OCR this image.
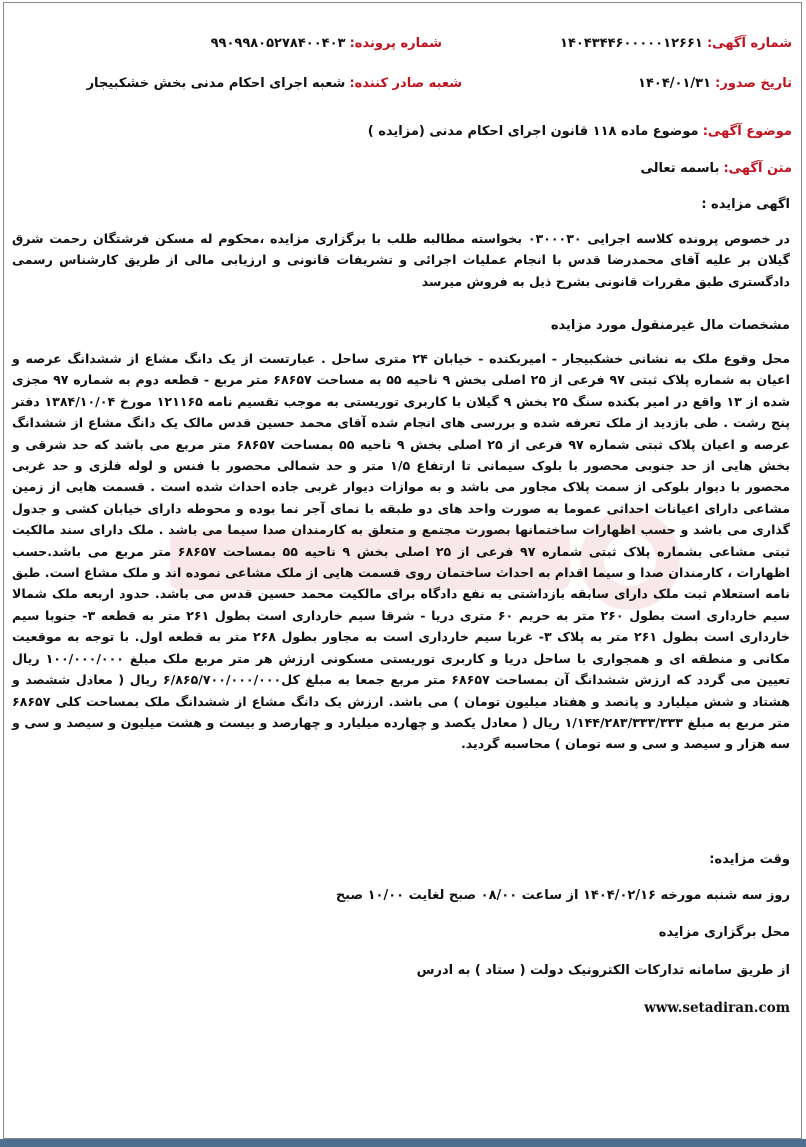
شماره آگهی: ۱۴۰۴۳۴۴۶۰۰۰۰۰۱۲۶۶۱
شماره پرونده: ۹۹۰۹۹۸۰۵۲۷۸۴۰۰۴۰۳
تاریخ صدور: ۱۴۰۴/۰۱/۳۱
شعبه صادر کننده: شعبه اجرای احکام مدنی بخش خشکبیجار
موضوع آگهی: موضوع ماده ۱۱۸ قانون اجرای احکام مدنی (مزایده )
متن آگهی: باسمه تعالی
اگهی مزایده :
در خصوص پرونده کلاسه اجرایی ۰۳۰۰۰۳۰ بخواسته مطالبه طلب با برگزاری مزایده ،محکوم له مسکن فرشتگان رحمت شرق گیلان بر علیه آقای محمدرضا قدس با انجام عملیات اجرائی و تشریفات قانونی و ارزیابی مالی از طریق کارشناس رسمی دادگستری طبق مقررات قانونی بشرح ذیل به فروش میرسد
مشخصات مال غیرمنقول مورد مزایده
محل وقوع ملک به نشانی خشکبیجار - امیربکنده - خیابان ۲۴ متری ساحل . عبارتست از یک دانگ مشاع از ششدانگ عرصه و اعیان به شماره پلاک ثبتی ۹۷ فرعی از ۲۵ اصلی بخش ۹ ناحیه ۵۵ به مساحت ۶۸۶۵۷ متر مربع - قطعه دوم به شماره ۹۷ مجزی شده از ۱۳ واقع در امیر بکنده سنگ ۲۵ بخش ۹ گیلان با کاربری توریستی به موجب تقسیم نامه ۱۲۱۱۶۵ مورخ ۱۳۸۴/۱۰/۰۴ دفتر پنج رشت . طی بازدید از ملک تعرفه شده و بررسی های انجام شده آقای محمد حسین قدس مالک یک دانگ مشاع از ششدانگ عرصه و اعیان پلاک ثبتی شماره ۹۷ فرعی از ۲۵ اصلی بخش ۹ ناحیه ۵۵ بمساحت ۶۸۶۵۷ متر مربع می باشد که حد شرقی و بخش هایی از حد جنوبی محصور با بلوک سیمانی تا ارتفاع ۱/۵ متر و حد شمالی محصور با فنس و لوله فلزی و حد غربی محصور با دیوار بلوکی از سمت پلاک مجاور می باشد و به موازات دیوار غربی جاده احداث شده است . قسمت هایی از زمین مشاعی دارای اعیانات احداثی عموما به صورت واحد های دو طبقه با نمای آجر نما بوده و محوطه دارای خیابان کشی و جدول گذاری می باشد و حسب اظهارات ساختمانها بصورت مجتمع و متعلق به کارمندان صدا سیما می باشد . ملک دارای سند مالکیت ثبتی مشاعی بشماره پلاک ثبتی شماره ۹۷ فرعی از ۲۵ اصلی بخش ۹ ناحیه ۵۵ بمساحت ۶۸۶۵۷ متر مربع می باشد.حسب اظهارات ، کارمندان صدا و سیما اقدام به احداث ساختمان روی قسمت هایی از ملک مشاعی نموده اند و ملک مشاع است. طبق نامه استعلام ثبت ملک دارای سابقه بازداشتی به نفع دادگاه برای مالکیت محمد حسین قدس می باشد. حدود اربعه ملک شمالا سیم خارداری است بطول ۲۶۰ متر به حریم ۶۰ متری دریا - شرقا سیم خارداری است بطول ۲۶۱ متر به قطعه ۳- جنوبا سیم خارداری است بطول ۲۶۱ متر به پلاک ۳- غربا سیم خارداری است به مجاور بطول ۲۶۸ متر به قطعه اول. با توجه به موقعیت مکانی و منطقه ای و همجواری با ساحل دریا و کاربری توریستی مسکونی ارزش هر متر مربع ملک مبلغ ۱۰۰/۰۰۰/۰۰۰ ریال تعیین می گردد که ارزش ششدانگ آن بمساحت ۶۸۶۵۷ متر مربع جمعا به مبلغ کل۶/۸۶۵/۷۰۰/۰۰۰/۰۰۰ ریال ( معادل ششصد و هشتاد و شش میلیارد و پانصد و هفتاد میلیون تومان ) می باشد. ارزش یک دانگ مشاع از ششدانگ ملک بمساحت کلی ۶۸۶۵۷ متر مربع به مبلغ ۱/۱۴۴/۲۸۳/۳۳۳/۳۳۳ ریال ( معادل یکصد و چهارده میلیارد و چهارصد و بیست و هشت میلیون و سیصد و سی و سه هزار و سیصد و سی و سه تومان ) محاسبه گردید.
وقت مزایده:
روز سه شنبه مورخه ۱۴۰۴/۰۲/۱۶ از ساعت ۰۸/۰۰ صبح لغایت ۱۰/۰۰ صبح
محل برگزاری مزایده
از طریق سامانه تدارکات الکترونیک دولت ( ستاد ) به ادرس
www.setadiran.com
